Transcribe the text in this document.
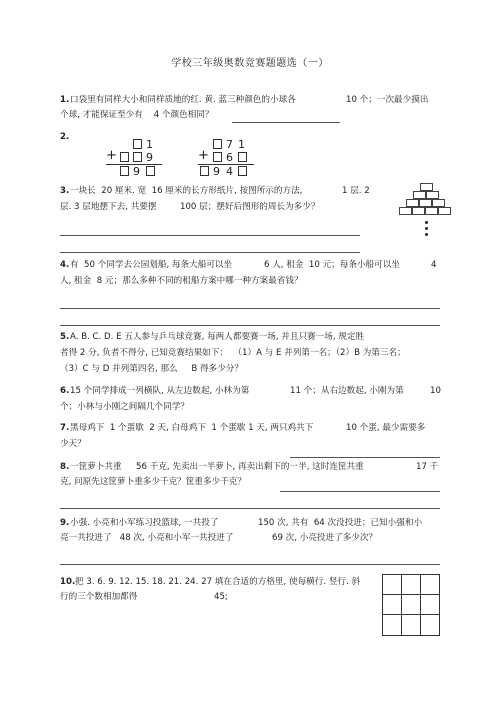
学校三年级奥数竞赛题题选（一）
1. 口袋里有同样大小和同样质地的红. 黄. 蓝三种颜色的小球各	10 个；一次最少摸出
个球, 才能保证至少有    4 个颜色相同？
2.
1
+	9
9
7 1
+ 6
9 4
3. 一块长  20 厘米. 宽  16 厘米的长方形纸片, 按图所示的方法,	1 层. 2
层. 3 层地摆下去, 共要摆	100 层；摆好后图形的周长为多少？
4. 有  50 个同学去公园划船, 每条大船可以坐	6 人, 租金  10 元；每条小船可以坐	4
人, 租金  8 元；那么多种不同的租船方案中哪一种方案最省钱？
5. A. B. C. D. E 五人参与乒乓球竞赛, 每两人都要赛一场, 并且只赛一场, 规定胜
者得 2 分, 负者不得分, 已知竞赛结果如下：  （1）A 与 E 并列第一名；（2）B 为第三名；
（3）C 与 D 并列第四名, 那么     B 得多少分？
6. 15 个同学排成一列横队, 从左边数起, 小林为第	11 个；从右边数起, 小刚为第	10
个；小林与小刚之间隔几个同学？
7. 黑母鸡下  1 个蛋歇  2 天, 白母鸡下  1 个蛋歇 1 天, 两只鸡共下	10 个蛋, 最少需要多
少天？
8. 一筐萝卜共重 56 千克, 先卖出一半萝卜, 再卖出剩下的一半, 这时连筐共重	17 千
克, 问原先这筐萝卜重多少千克？筐重多少千克？
9. 小强. 小亮和小军练习投篮球, 一共投了	150 次, 共有  64 次没投进；已知小强和小
亮一共投进了   48 次, 小亮和小军一共投进了	69 次, 小亮投进了多少次？
10. 把 3. 6. 9. 12. 15. 18. 21. 24. 27 填在合适的方格里, 使每横行. 竖行. 斜
行的三个数相加都得	45;
